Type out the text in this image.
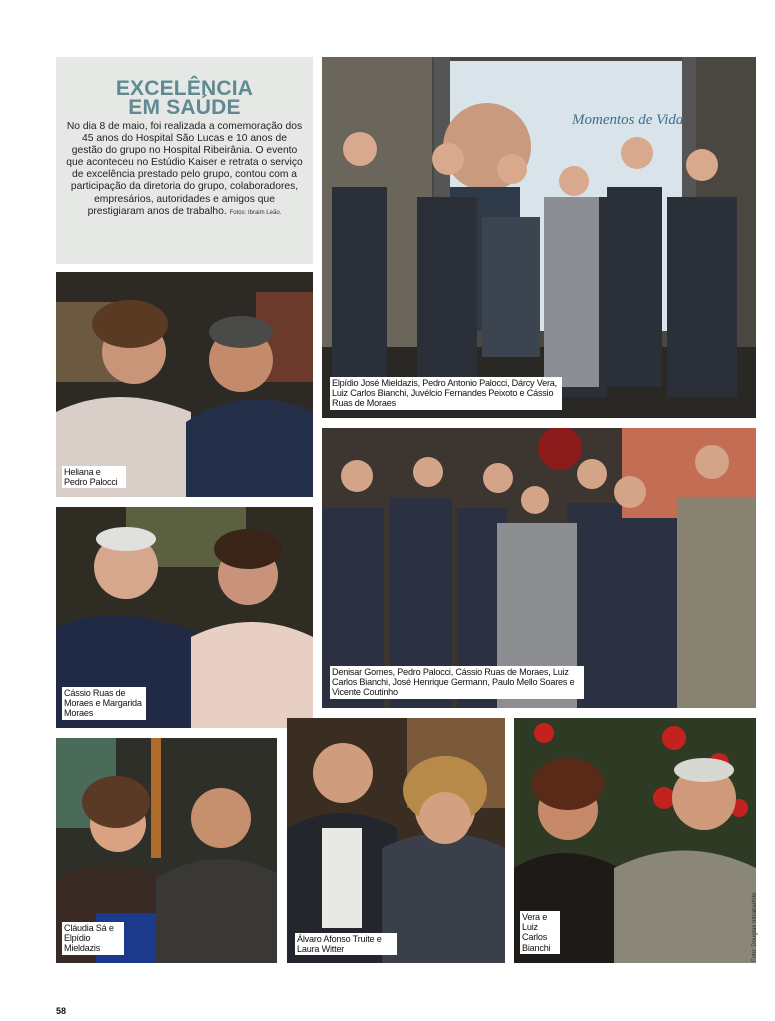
EXCELÊNCIA
EM SAÚDE
No dia 8 de maio, foi realizada a comemoração dos 45 anos do Hospital São Lucas e 10 anos de gestão do grupo no Hospital Ribeirânia. O evento que aconteceu no Estúdio Kaiser e retrata o serviço de excelência prestado pelo grupo, contou com a participação da diretoria do grupo, colaboradores, empresários, autoridades e amigos que prestigiaram anos de trabalho. Fotos: Ibraim Leão.
Elpídio José Mieldazis, Pedro Antonio Palocci, Dárcy Vera, Luiz Carlos Bianchi, Juvélcio Fernandes Peixoto e Cássio Ruas de Moraes
Momentos de Vida
Heliana e Pedro Palocci
Denisar Gomes, Pedro Palocci, Cássio Ruas de Moraes, Luiz Carlos Bianchi, José Henrique Germann, Paulo Mello Soares e Vicente Coutinho
Cássio Ruas de Moraes e Margarida Moraes
Cláudia Sá e Elpídio Mieldazis
Álvaro Afonso Truite e Laura Witter
Vera e Luiz Carlos Bianchi	Foto: Douglas Intrabartolo
58
